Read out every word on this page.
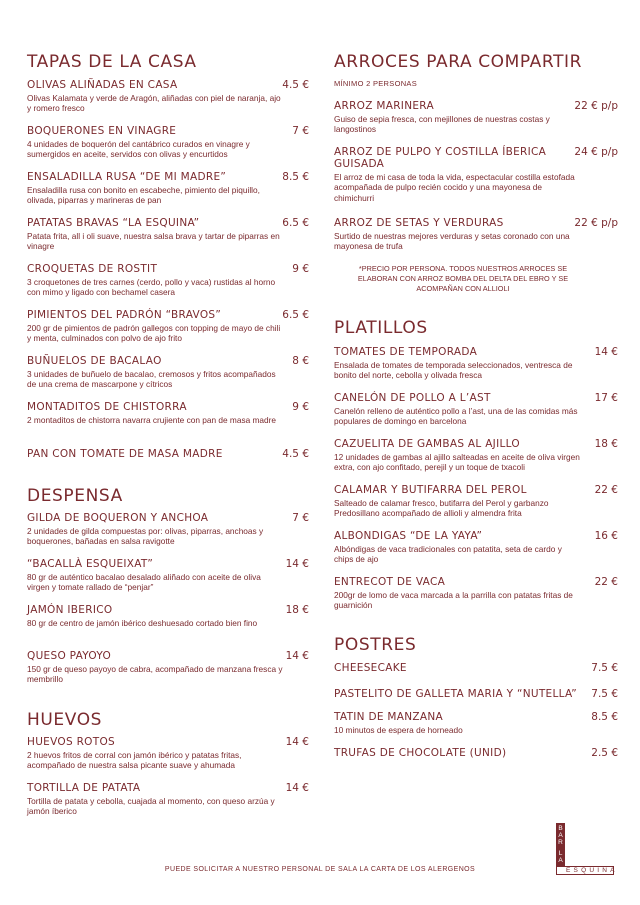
TAPAS DE LA CASA
OLIVAS ALIÑADAS EN CASA	4.5 €
Olivas Kalamata y verde de Aragón, aliñadas con piel de naranja, ajo y romero fresco
BOQUERONES EN VINAGRE	7 €
4 unidades de boquerón del cantábrico curados en vinagre y sumergidos en aceite, servidos con olivas y encurtidos
ENSALADILLA RUSA “DE MI MADRE”	8.5 €
Ensaladilla rusa con bonito en escabeche, pimiento del piquillo, olivada, piparras y marineras de pan
PATATAS BRAVAS “LA ESQUINA”	6.5 €
Patata frita, all i oli suave, nuestra salsa brava y tartar de piparras en vinagre
CROQUETAS DE ROSTIT	9 €
3 croquetones de tres carnes (cerdo, pollo y vaca) rustidas al horno con mimo y ligado con bechamel casera
PIMIENTOS DEL PADRÓN “BRAVOS”	6.5 €
200 gr de pimientos de padrón gallegos con topping de mayo de chili y menta, culminados con polvo de ajo frito
BUÑUELOS DE BACALAO	8 €
3 unidades de buñuelo de bacalao, cremosos y fritos acompañados de una crema de mascarpone y cítricos
MONTADITOS DE CHISTORRA	9 €
2 montaditos de chistorra navarra crujiente con pan de masa madre
PAN CON TOMATE DE MASA MADRE	4.5 €
DESPENSA
GILDA DE BOQUERON Y ANCHOA	7 €
2 unidades de gilda compuestas por: olivas, piparras, anchoas y boquerones, bañadas en salsa ravigotte
“BACALLÀ ESQUEIXAT”	14 €
80 gr de auténtico bacalao desalado aliñado con aceite de oliva virgen y tomate rallado de “penjar”
JAMÓN IBERICO	18 €
80 gr de centro de jamón ibérico deshuesado cortado bien fino
QUESO PAYOYO	14 €
150 gr de queso payoyo de cabra, acompañado de manzana fresca y membrillo
HUEVOS
HUEVOS ROTOS	14 €
2 huevos fritos de corral con jamón ibérico y patatas fritas, acompañado de nuestra salsa picante suave y ahumada
TORTILLA DE PATATA	14 €
Tortilla de patata y cebolla, cuajada al momento, con queso arzúa y jamón íberico
ARROCES PARA COMPARTIR
MÍNIMO 2 PERSONAS
ARROZ MARINERA	22 € p/p
Guiso de sepia fresca, con mejillones de nuestras costas y langostinos
ARROZ DE PULPO Y COSTILLA ÍBERICA GUISADA
24 € p/p
El arroz de mi casa de toda la vida, espectacular costilla estofada acompañada de pulpo recién cocido y una mayonesa de chimichurri
ARROZ DE SETAS Y VERDURAS	22 € p/p
Surtido de nuestras mejores verduras y setas coronado con una mayonesa de trufa
*PRECIO POR PERSONA. TODOS NUESTROS ARROCES SE ELABORAN CON ARROZ BOMBA DEL DELTA DEL EBRO Y SE ACOMPAÑAN CON ALLIOLI
PLATILLOS
TOMATES DE TEMPORADA	14 €
Ensalada de tomates de temporada seleccionados, ventresca de bonito del norte, cebolla y olivada fresca
CANELÓN DE POLLO A L’AST	17 €
Canelón relleno de auténtico pollo a l’ast, una de las comidas más populares de domingo en barcelona
CAZUELITA DE GAMBAS AL AJILLO	18 €
12 unidades de gambas al ajillo salteadas en aceite de oliva virgen extra, con ajo confitado, perejil y un toque de txacoli
CALAMAR Y BUTIFARRA DEL PEROL	22 €
Salteado de calamar fresco, butifarra del Perol y garbanzo Predosillano acompañado de allioli y almendra frita
ALBONDIGAS “DE LA YAYA”	16 €
Albóndigas de vaca tradicionales con patatita, seta de cardo y chips de ajo
ENTRECOT DE VACA	22 €
200gr de lomo de vaca marcada a la parrilla con patatas fritas de guarnición
POSTRES
CHEESECAKE	7.5 €
PASTELITO DE GALLETA MARIA Y “NUTELLA” 7.5 €
TATIN DE MANZANA	8.5 €
10 minutos de espera de horneado
TRUFAS DE CHOCOLATE (UNID)	2.5 €
PUEDE SOLICITAR A NUESTRO PERSONAL DE SALA LA CARTA DE LOS ALERGENOS
B
A
R
L
A
ESQUINA
